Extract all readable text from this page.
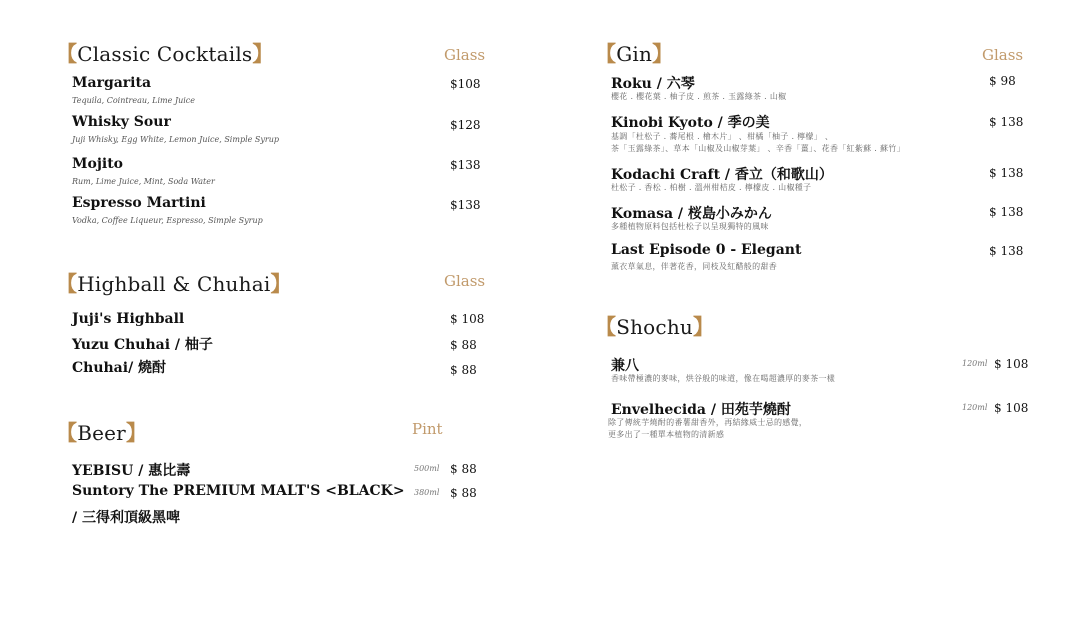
【Classic Cocktails】	Glass
Margarita
Tequila, Cointreau, Lime Juice
$108
Whisky Sour
Juji Whisky, Egg White, Lemon Juice, Simple Syrup
$128
Mojito
Rum, Lime Juice, Mint, Soda Water
$138
Espresso Martini
Vodka, Coffee Liqueur, Espresso, Simple Syrup
$138
【Highball & Chuhai】	Glass
Juji's Highball	$ 108
Yuzu Chuhai / 柚子	$ 88
Chuhai/ 燒酎	$ 88
【Beer】	Pint
YEBISU / 惠比壽	500ml $ 88
Suntory The PREMIUM MALT'S <BLACK>
/ 三得利頂級黑啤
380ml $ 88
【Gin】	Glass
Roku / 六琴
櫻花 . 櫻花葉 . 柚子皮 . 煎茶 . 玉露綠茶 . 山椒
$ 98
Kinobi Kyoto / 季の美
基調「杜松子 . 蕎尾根 . 檜木片」 、柑橘「柚子 . 檸檬」 、
茶「玉露綠茶」、草本「山椒及山椒芽葉」 、辛香「薑」、花香「紅紫蘇 . 蘇竹」
$ 138
Kodachi Craft / 香立（和歌山）
杜松子 . 香松 . 柏樹 . 溫州柑桔皮 . 檸檬皮 . 山椒種子
$ 138
Komasa / 桜島小みかん
多種植物原料包括杜松子以呈現獨特的風味
$ 138
Last Episode 0 - Elegant
薰衣草氣息，伴著花香，同枝及紅醋般的甜香
$ 138
【Shochu】
兼八
香味帶極濃的麥味，烘谷般的味道，像在喝超濃厚的麥茶一樣
120ml $ 108
Envelhecida / 田苑芋燒酎
除了傳統芋燒酎的番薯甜香外，再結緣威士忌的感覺，
更多出了一種單本植物的清新感
120ml $ 108
